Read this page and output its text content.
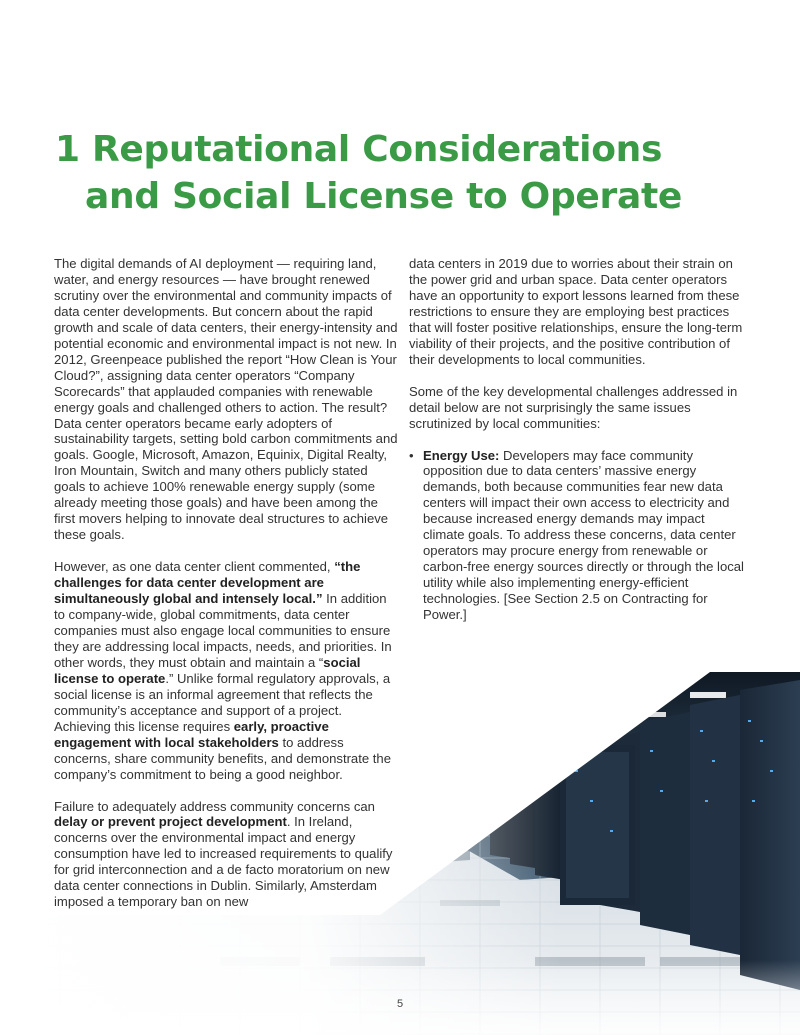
1 Reputational Considerations
and Social License to Operate

The digital demands of AI deployment — requiring land, water, and energy resources — have brought renewed scrutiny over the environmental and community impacts of data center developments. But concern about the rapid growth and scale of data centers, their energy-intensity and potential economic and environmental impact is not new. In 2012, Greenpeace published the report “How Clean is Your Cloud?”, assigning data center operators “Company Scorecards” that applauded companies with renewable energy goals and challenged others to action. The result? Data center operators became early adopters of sustainability targets, setting bold carbon commitments and goals. Google, Microsoft, Amazon, Equinix, Digital Realty, Iron Mountain, Switch and many others publicly stated goals to achieve 100% renewable energy supply (some already meeting those goals) and have been among the first movers helping to innovate deal structures to achieve these goals.

However, as one data center client commented, “the challenges for data center development are simultaneously global and intensely local.” In addition to company-wide, global commitments, data center companies must also engage local communities to ensure they are addressing local impacts, needs, and priorities. In other words, they must obtain and maintain a “social license to operate.” Unlike formal regulatory approvals, a social license is an informal agreement that reflects the community’s acceptance and support of a project. Achieving this license requires early, proactive engagement with local stakeholders to address concerns, share community benefits, and demonstrate the company’s commitment to being a good neighbor.

Failure to adequately address community concerns can delay or prevent project development. In Ireland, concerns over the environmental impact and energy consumption have led to increased requirements to qualify for grid interconnection and a de facto moratorium on new data center connections in Dublin. Similarly, Amsterdam imposed a temporary ban on new

data centers in 2019 due to worries about their strain on the power grid and urban space. Data center operators have an opportunity to export lessons learned from these restrictions to ensure they are employing best practices that will foster positive relationships, ensure the long-term viability of their projects, and the positive contribution of their developments to local communities.

Some of the key developmental challenges addressed in detail below are not surprisingly the same issues scrutinized by local communities:

• Energy Use: Developers may face community opposition due to data centers’ massive energy demands, both because communities fear new data centers will impact their own access to electricity and because increased energy demands may impact climate goals. To address these concerns, data center operators may procure energy from renewable or carbon-free energy sources directly or through the local utility while also implementing energy-efficient technologies. [See Section 2.5 on Contracting for Power.]
5
